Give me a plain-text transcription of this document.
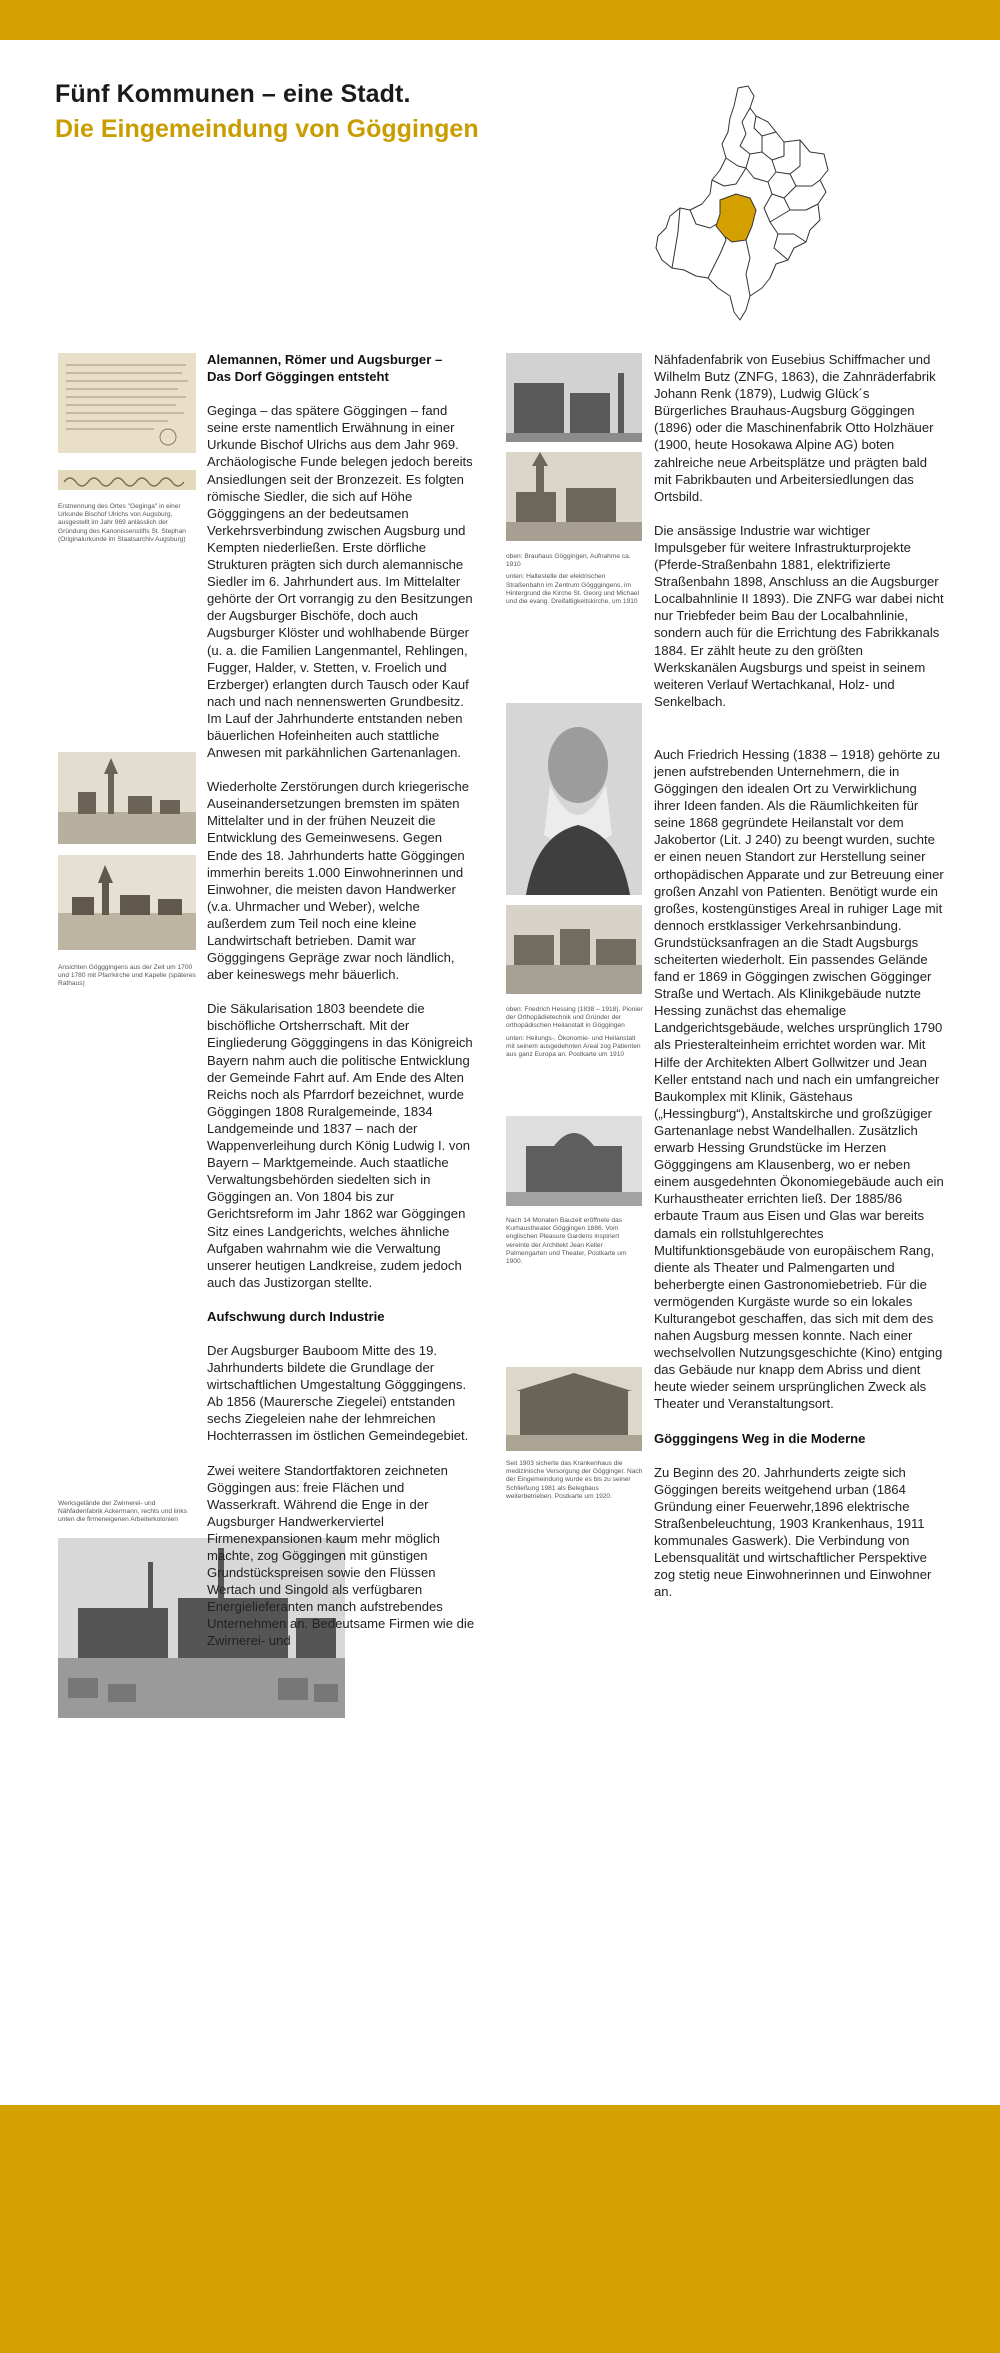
Fünf Kommunen – eine Stadt.
Die Eingemeindung von Göggingen
Erstnennung des Ortes "Geginga" in einer Urkunde Bischof Ulrichs von Augsburg, ausgestellt im Jahr 969 anlässlich der Gründung des Kanonissenstifts St. Stephan (Originalurkunde im Staatsarchiv Augsburg)
Ansichten Gögggingens aus der Zeit um 1700 und 1780 mit Pfarrkirche und Kapelle (späteres Rathaus)
Werksgelände der Zwirnerei- und Nähfadenfabrik Ackermann, rechts und links unten die firmeneigenen Arbeiterkolonien
oben: Brauhaus Göggingen, Aufnahme ca. 1910
unten: Haltestelle der elektrischen Straßenbahn im Zentrum Gögggingens, im Hintergrund die Kirche St. Georg und Michael und die evang. Dreifaltigkeitskirche, um 1910
oben: Friedrich Hessing (1838 – 1918). Pionier der Orthopädietechnik und Gründer der orthopädischen Heilanstalt in Göggingen
unten: Heilungs-, Ökonomie- und Heilanstalt mit seinem ausgedehnten Areal zog Patienten aus ganz Europa an. Postkarte um 1910
Nach 14 Monaten Bauzeit eröffnete das Kurhaustheater Göggingen 1886. Vom englischen Pleasure Gardens inspiriert vereinte der Architekt Jean Keller Palmengarten und Theater, Postkarte um 1900.
Seit 1903 sicherte das Krankenhaus die medizinische Versorgung der Gögginger. Nach der Eingemeindung wurde es bis zu seiner Schließung 1981 als Belegbaus weiterbetrieben. Postkarte um 1920.
Alemannen, Römer und Augsburger –
Das Dorf Göggingen entsteht

Geginga – das spätere Göggingen – fand seine erste namentlich Erwähnung in einer Urkunde Bischof Ulrichs aus dem Jahr 969. Archäologische Funde belegen jedoch bereits Ansiedlungen seit der Bronzezeit. Es folgten römische Siedler, die sich auf Höhe Gögggingens an der bedeutsamen Verkehrsverbindung zwischen Augsburg und Kempten niederließen. Erste dörfliche Strukturen prägten sich durch alemannische Siedler im 6. Jahrhundert aus. Im Mittelalter gehörte der Ort vorrangig zu den Besitzungen der Augsburger Bischöfe, doch auch Augsburger Klöster und wohlhabende Bürger (u. a. die Familien Langenmantel, Rehlingen, Fugger, Halder, v. Stetten, v. Froelich und Erzberger) erlangten durch Tausch oder Kauf nach und nach nennenswerten Grundbesitz. Im Lauf der Jahrhunderte entstanden neben bäuerlichen Hofeinheiten auch stattliche Anwesen mit parkähnlichen Gartenanlagen.

Wiederholte Zerstörungen durch kriegerische Auseinandersetzungen bremsten im späten Mittelalter und in der frühen Neuzeit die Entwicklung des Gemeinwesens. Gegen Ende des 18. Jahrhunderts hatte Göggingen immerhin bereits 1.000 Einwohnerinnen und Einwohner, die meisten davon Handwerker (v.a. Uhrmacher und Weber), welche außerdem zum Teil noch eine kleine Landwirtschaft betrieben. Damit war Gögggingens Gepräge zwar noch ländlich, aber keineswegs mehr bäuerlich.

Die Säkularisation 1803 beendete die bischöfliche Ortsherrschaft. Mit der Eingliederung Gögggingens in das Königreich Bayern nahm auch die politische Entwicklung der Gemeinde Fahrt auf. Am Ende des Alten Reichs noch als Pfarrdorf bezeichnet, wurde Göggingen 1808 Ruralgemeinde, 1834 Landgemeinde und 1837 – nach der Wappenverleihung durch König Ludwig I. von Bayern – Marktgemeinde. Auch staatliche Verwaltungsbehörden siedelten sich in Göggingen an. Von 1804 bis zur Gerichtsreform im Jahr 1862 war Göggingen Sitz eines Landgerichts, welches ähnliche Aufgaben wahrnahm wie die Verwaltung unserer heutigen Landkreise, zudem jedoch auch das Justizorgan stellte.

Aufschwung durch Industrie

Der Augsburger Bauboom Mitte des 19. Jahrhunderts bildete die Grundlage der wirtschaftlichen Umgestaltung Gögggingens. Ab 1856 (Maurersche Ziegelei) entstanden sechs Ziegeleien nahe der lehmreichen Hochterrassen im östlichen Gemeindegebiet.

Zwei weitere Standortfaktoren zeichneten Göggingen aus: freie Flächen und Wasserkraft. Während die Enge in der Augsburger Handwerkerviertel Firmenexpansionen kaum mehr möglich machte, zog Göggingen mit günstigen Grundstückspreisen sowie den Flüssen Wertach und Singold als verfügbaren Energielieferanten manch aufstrebendes Unternehmen an. Bedeutsame Firmen wie die Zwirnerei- und

Nähfadenfabrik von Eusebius Schiffmacher und Wilhelm Butz (ZNFG, 1863), die Zahnräderfabrik Johann Renk (1879), Ludwig Glück´s Bürgerliches Brauhaus-Augsburg Göggingen (1896) oder die Maschinenfabrik Otto Holzhäuer (1900, heute Hosokawa Alpine AG) boten zahlreiche neue Arbeitsplätze und prägten bald mit Fabrikbauten und Arbeitersiedlungen das Ortsbild.

Die ansässige Industrie war wichtiger Impulsgeber für weitere Infrastrukturprojekte (Pferde-Straßenbahn 1881, elektrifizierte Straßenbahn 1898, Anschluss an die Augsburger Localbahnlinie II 1893). Die ZNFG war dabei nicht nur Triebfeder beim Bau der Localbahnlinie, sondern auch für die Errichtung des Fabrikkanals 1884. Er zählt heute zu den größten Werkskanälen Augsburgs und speist in seinem weiteren Verlauf Wertachkanal, Holz- und Senkelbach.

Auch Friedrich Hessing (1838 – 1918) gehörte zu jenen aufstrebenden Unternehmern, die in Göggingen den idealen Ort zu Verwirklichung ihrer Ideen fanden. Als die Räumlichkeiten für seine 1868 gegründete Heilanstalt vor dem Jakobertor (Lit. J 240) zu beengt wurden, suchte er einen neuen Standort zur Herstellung seiner orthopädischen Apparate und zur Betreuung einer großen Anzahl von Patienten. Benötigt wurde ein großes, kostengünstiges Areal in ruhiger Lage mit dennoch erstklassiger Verkehrsanbindung. Grundstücksanfragen an die Stadt Augsburgs scheiterten wiederholt. Ein passendes Gelände fand er 1869 in Göggingen zwischen Gögginger Straße und Wertach. Als Klinikgebäude nutzte Hessing zunächst das ehemalige Landgerichtsgebäude, welches ursprünglich 1790 als Priesteralteinheim errichtet worden war. Mit Hilfe der Architekten Albert Gollwitzer und Jean Keller entstand nach und nach ein umfangreicher Baukomplex mit Klinik, Gästehaus („Hessingburg“), Anstaltskirche und großzügiger Gartenanlage nebst Wandelhallen. Zusätzlich erwarb Hessing Grundstücke im Herzen Gögggingens am Klausenberg, wo er neben einem ausgedehnten Ökonomiegebäude auch ein Kurhaustheater errichten ließ. Der 1885/86 erbaute Traum aus Eisen und Glas war bereits damals ein rollstuhlgerechtes Multifunktionsgebäude von europäischem Rang, diente als Theater und Palmengarten und beherbergte einen Gastronomiebetrieb. Für die vermögenden Kurgäste wurde so ein lokales Kulturangebot geschaffen, das sich mit dem des nahen Augsburg messen konnte. Nach einer wechselvollen Nutzungsgeschichte (Kino) entging das Gebäude nur knapp dem Abriss und dient heute wieder seinem ursprünglichen Zweck als Theater und Veranstaltungsort.

Gögggingens Weg in die Moderne

Zu Beginn des 20. Jahrhunderts zeigte sich Göggingen bereits weitgehend urban (1864 Gründung einer Feuerwehr,1896 elektrische Straßenbeleuchtung, 1903 Krankenhaus, 1911 kommunales Gaswerk). Die Verbindung von Lebensqualität und wirtschaftlicher Perspektive zog stetig neue Einwohnerinnen und Einwohner an.
